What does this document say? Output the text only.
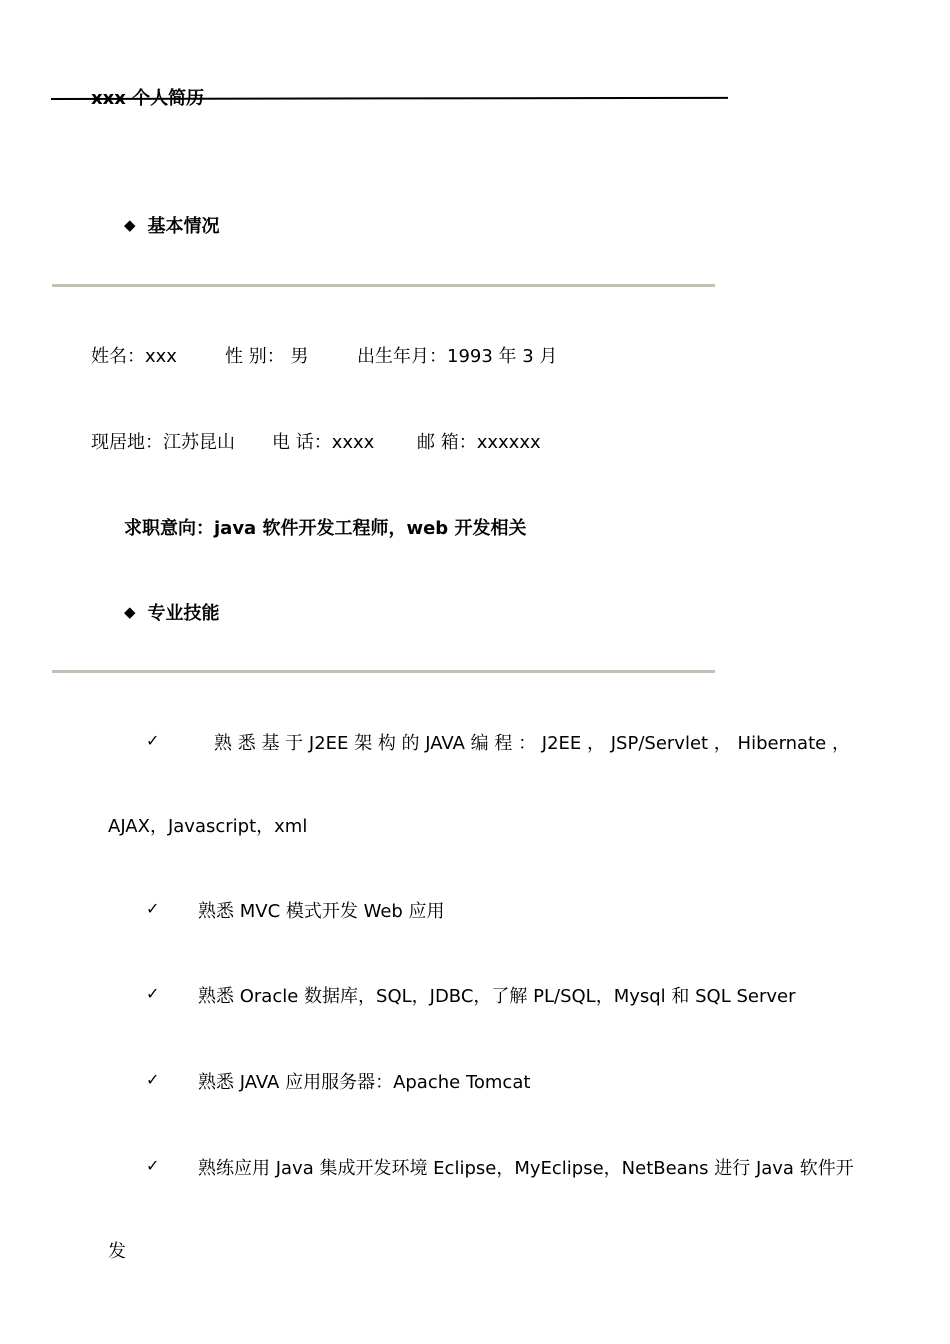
xxx 个人简历
◆ 基本情况
姓名：xxx	性 别： 男	出生年月：1993 年 3 月
现居地：江苏昆山 电 话：xxxx 邮 箱：xxxxxx
求职意向：java 软件开发工程师，web 开发相关
◆ 专业技能
✓	熟 悉 基 于 J2EE 架 构 的 JAVA 编 程 ： J2EE ， JSP/Servlet ， Hibernate ，
AJAX，Javascript，xml
✓ 熟悉 MVC 模式开发 Web 应用
✓ 熟悉 Oracle 数据库，SQL，JDBC，了解 PL/SQL，Mysql 和 SQL Server
✓ 熟悉 JAVA 应用服务器：Apache Tomcat
✓ 熟练应用 Java 集成开发环境 Eclipse，MyEclipse，NetBeans 进行 Java 软件开
发
